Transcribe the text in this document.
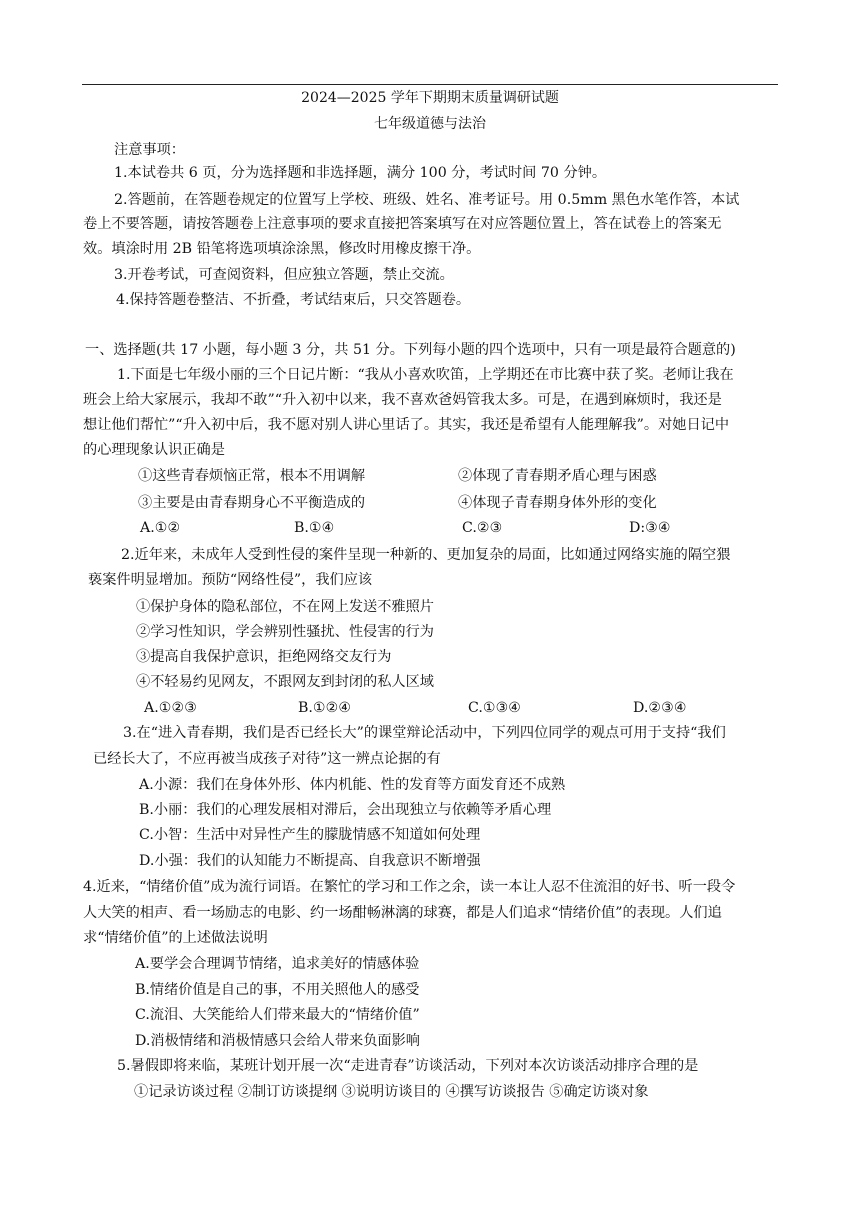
2024—2025 学年下期期末质量调研试题
七年级道德与法治
注意事项：
1.本试卷共 6 页，分为选择题和非选择题，满分 100 分，考试时间 70 分钟。
2.答题前，在答题卷规定的位置写上学校、班级、姓名、准考证号。用 0.5mm 黑色水笔作答，本试
卷上不要答题，请按答题卷上注意事项的要求直接把答案填写在对应答题位置上，答在试卷上的答案无
效。填涂时用 2B 铅笔将选项填涂涂黑，修改时用橡皮擦干净。
3.开卷考试，可查阅资料，但应独立答题，禁止交流。
4.保持答题卷整洁、不折叠，考试结束后，只交答题卷。
一、选择题(共 17 小题，每小题 3 分，共 51 分。下列每小题的四个选项中，只有一项是最符合题意的)
1.下面是七年级小丽的三个日记片断：“我从小喜欢吹笛，上学期还在市比赛中获了奖。老师让我在
班会上给大家展示，我却不敢”“升入初中以来，我不喜欢爸妈管我太多。可是，在遇到麻烦时，我还是
想让他们帮忙”“升入初中后，我不愿对别人讲心里话了。其实，我还是希望有人能理解我”。对她日记中
的心理现象认识正确是
①这些青春烦恼正常，根本不用调解	②体现了青春期矛盾心理与困惑
③主要是由青春期身心不平衡造成的	④体现子青春期身体外形的变化
A.①②	B.①④	C.②③	D:③④
2.近年来，未成年人受到性侵的案件呈现一种新的、更加复杂的局面，比如通过网络实施的隔空猥
亵案件明显增加。预防“网络性侵”，我们应该
①保护身体的隐私部位，不在网上发送不雅照片
②学习性知识，学会辨别性骚扰、性侵害的行为
③提高自我保护意识，拒绝网络交友行为
④不轻易约见网友，不跟网友到封闭的私人区域
A.①②③	B.①②④	C.①③④	D.②③④
3.在“进入青春期，我们是否已经长大”的课堂辩论活动中，下列四位同学的观点可用于支持“我们
已经长大了，不应再被当成孩子对待”这一辨点论据的有
A.小源：我们在身体外形、体内机能、性的发育等方面发育还不成熟
B.小丽：我们的心理发展相对滞后，会出现独立与依赖等矛盾心理
C.小智：生活中对异性产生的朦胧情感不知道如何处理
D.小强：我们的认知能力不断提高、自我意识不断增强
4.近来，“情绪价值”成为流行词语。在繁忙的学习和工作之余，读一本让人忍不住流泪的好书、听一段令
人大笑的相声、看一场励志的电影、约一场酣畅淋漓的球赛，都是人们追求“情绪价值”的表现。人们追
求“情绪价值”的上述做法说明
A.要学会合理调节情绪，追求美好的情感体验
B.情绪价值是自己的事，不用关照他人的感受
C.流泪、大笑能给人们带来最大的“情绪价值”
D.消极情绪和消极情感只会给人带来负面影响
5.暑假即将来临，某班计划开展一次“走进青春”访谈活动，下列对本次访谈活动排序合理的是
①记录访谈过程 ②制订访谈提纲 ③说明访谈目的 ④撰写访谈报告 ⑤确定访谈对象
